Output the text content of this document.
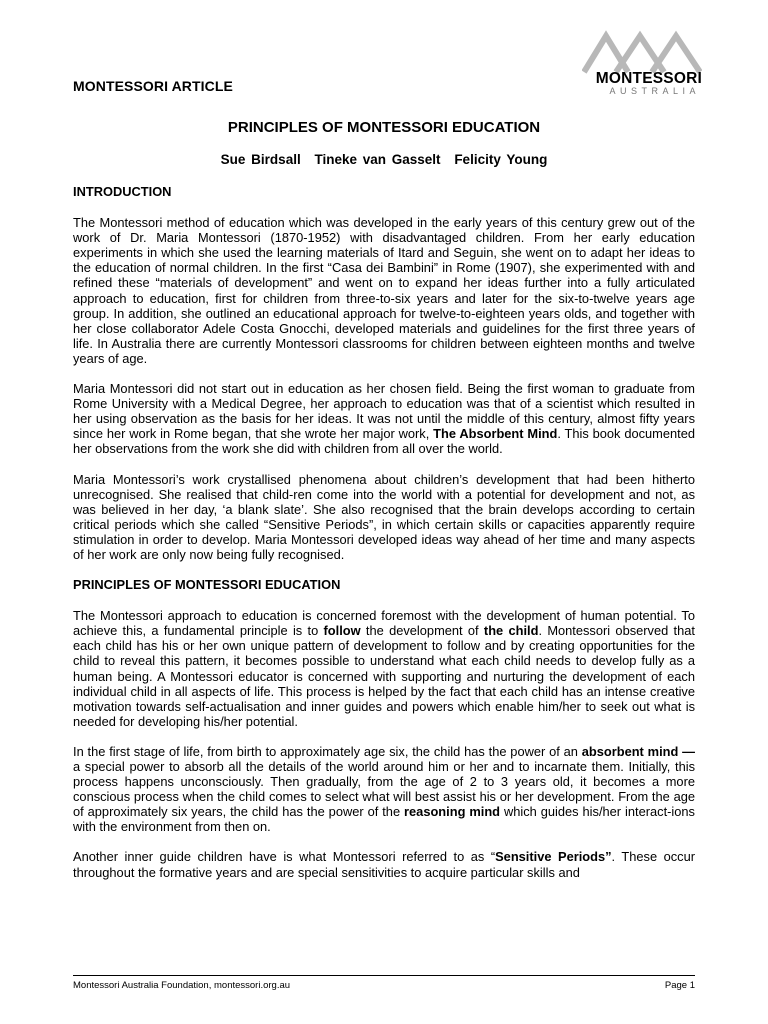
MONTESSORI ARTICLE	MONTESSORI
AUSTRALIA
PRINCIPLES OF MONTESSORI EDUCATION
Sue Birdsall Tineke van Gasselt Felicity Young
INTRODUCTION

The Montessori method of education which was developed in the early years of this century grew out of the work of Dr. Maria Montessori (1870-1952) with disadvantaged children. From her early education experiments in which she used the learning materials of Itard and Seguin, she went on to adapt her ideas to the education of normal children. In the first “Casa dei Bambini” in Rome (1907), she experimented with and refined these “materials of development” and went on to expand her ideas further into a fully articulated approach to education, first for children from three-to-six years and later for the six-to-twelve years age group. In addition, she outlined an educational approach for twelve-to-eighteen years olds, and together with her close collaborator Adele Costa Gnocchi, developed materials and guidelines for the first three years of life. In Australia there are currently Montessori classrooms for children between eighteen months and twelve years of age.

Maria Montessori did not start out in education as her chosen field. Being the first woman to graduate from Rome University with a Medical Degree, her approach to education was that of a scientist which resulted in her using observation as the basis for her ideas. It was not until the middle of this century, almost fifty years since her work in Rome began, that she wrote her major work, The Absorbent Mind. This book documented her observations from the work she did with children from all over the world.

Maria Montessori’s work crystallised phenomena about children’s development that had been hitherto unrecognised. She realised that child-ren come into the world with a potential for development and not, as was believed in her day, ‘a blank slate’. She also recognised that the brain develops according to certain critical periods which she called “Sensitive Periods”, in which certain skills or capacities apparently require stimulation in order to develop. Maria Montessori developed ideas way ahead of her time and many aspects of her work are only now being fully recognised.

PRINCIPLES OF MONTESSORI EDUCATION

The Montessori approach to education is concerned foremost with the development of human potential. To achieve this, a fundamental principle is to follow the development of the child. Montessori observed that each child has his or her own unique pattern of development to follow and by creating opportunities for the child to reveal this pattern, it becomes possible to understand what each child needs to develop fully as a human being. A Montessori educator is concerned with supporting and nurturing the development of each individual child in all aspects of life. This process is helped by the fact that each child has an intense creative motivation towards self-actualisation and inner guides and powers which enable him/her to seek out what is needed for developing his/her potential.

In the first stage of life, from birth to approximately age six, the child has the power of an absorbent mind — a special power to absorb all the details of the world around him or her and to incarnate them. Initially, this process happens unconsciously. Then gradually, from the age of 2 to 3 years old, it becomes a more conscious process when the child comes to select what will best assist his or her development. From the age of approximately six years, the child has the power of the reasoning mind which guides his/her interact-ions with the environment from then on.

Another inner guide children have is what Montessori referred to as “Sensitive Periods”. These occur throughout the formative years and are special sensitivities to acquire particular skills and

Montessori Australia Foundation, montessori.org.au	Page 1
